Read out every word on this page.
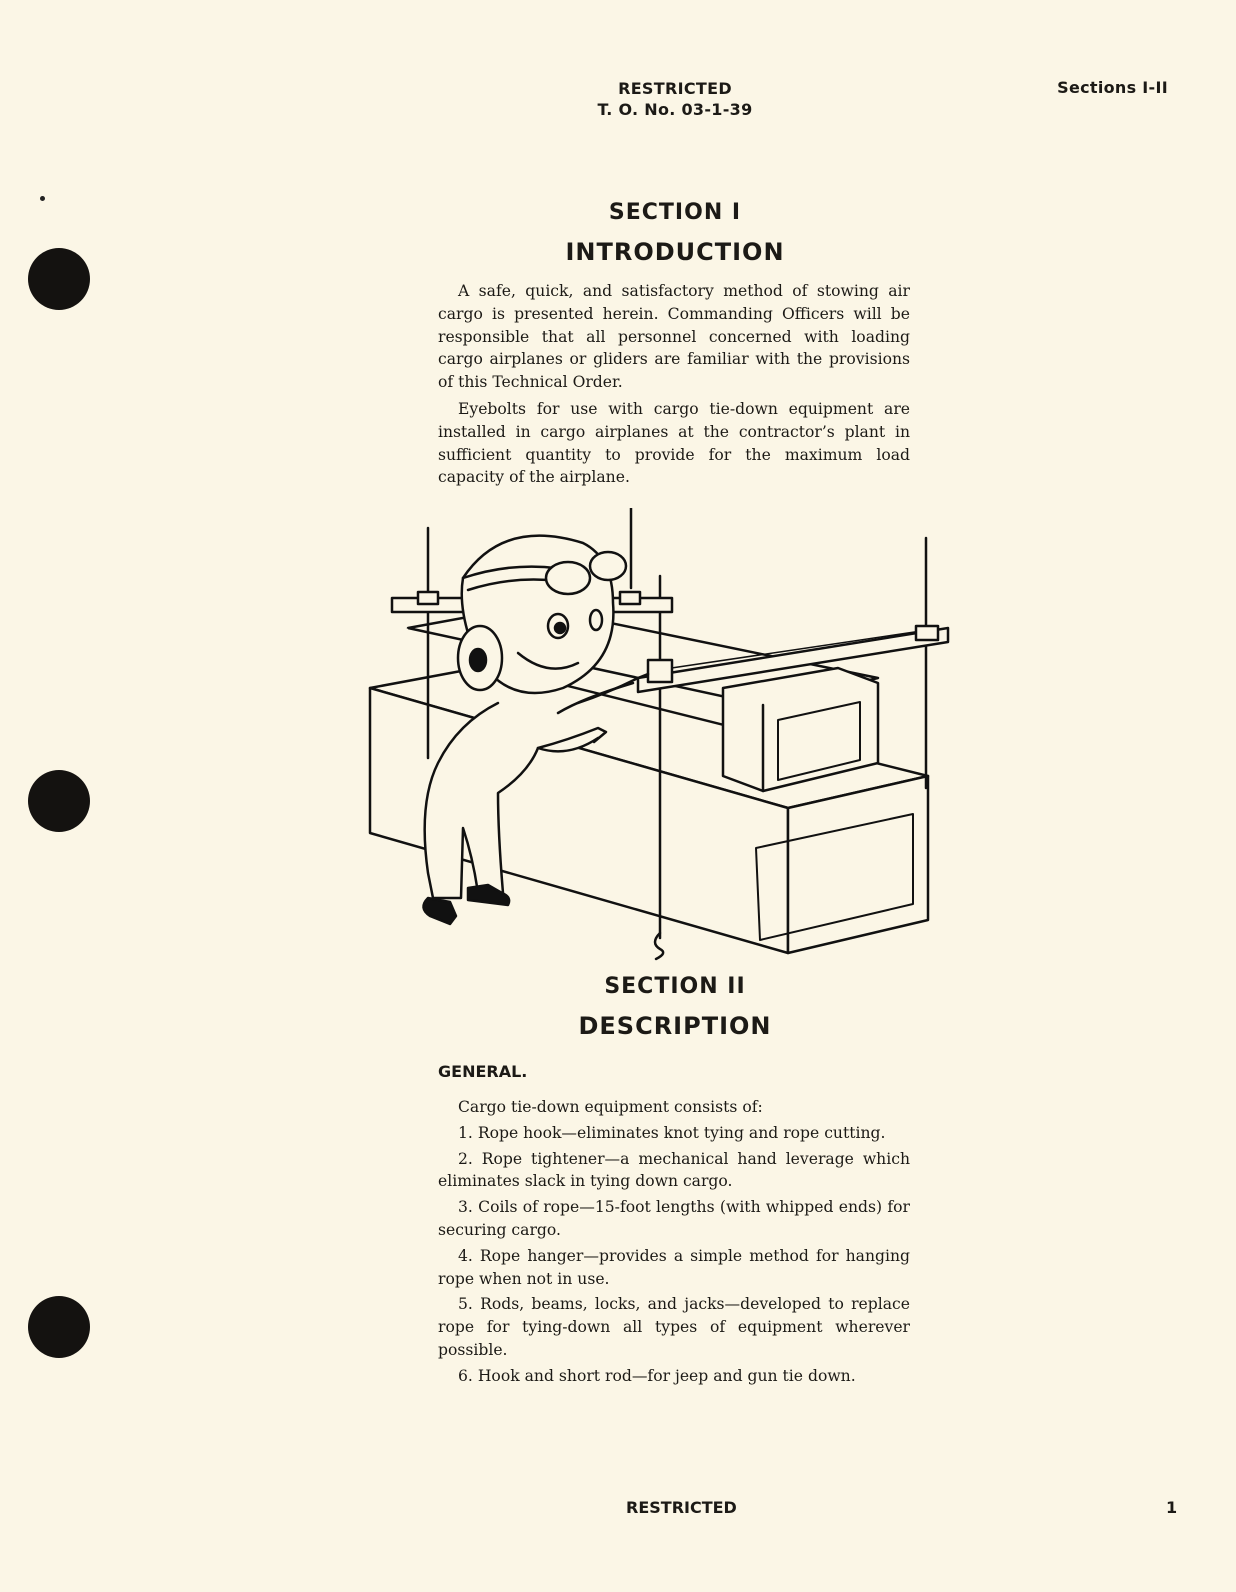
RESTRICTED
T. O. No. 03-1-39
Sections I-II
SECTION I
INTRODUCTION

A safe, quick, and satisfactory method of stowing air cargo is presented herein. Commanding Officers will be responsible that all personnel concerned with loading cargo airplanes or gliders are familiar with the provisions of this Technical Order.

Eyebolts for use with cargo tie-down equipment are installed in cargo airplanes at the contractor’s plant in sufficient quantity to provide for the maximum load capacity of the airplane.

SECTION II
DESCRIPTION
GENERAL.

Cargo tie-down equipment consists of:

1. Rope hook—eliminates knot tying and rope cutting.

2. Rope tightener—a mechanical hand leverage which eliminates slack in tying down cargo.

3. Coils of rope—15-foot lengths (with whipped ends) for securing cargo.

4. Rope hanger—provides a simple method for hanging rope when not in use.

5. Rods, beams, locks, and jacks—developed to replace rope for tying-down all types of equipment wherever possible.

6. Hook and short rod—for jeep and gun tie down.

RESTRICTED	1
